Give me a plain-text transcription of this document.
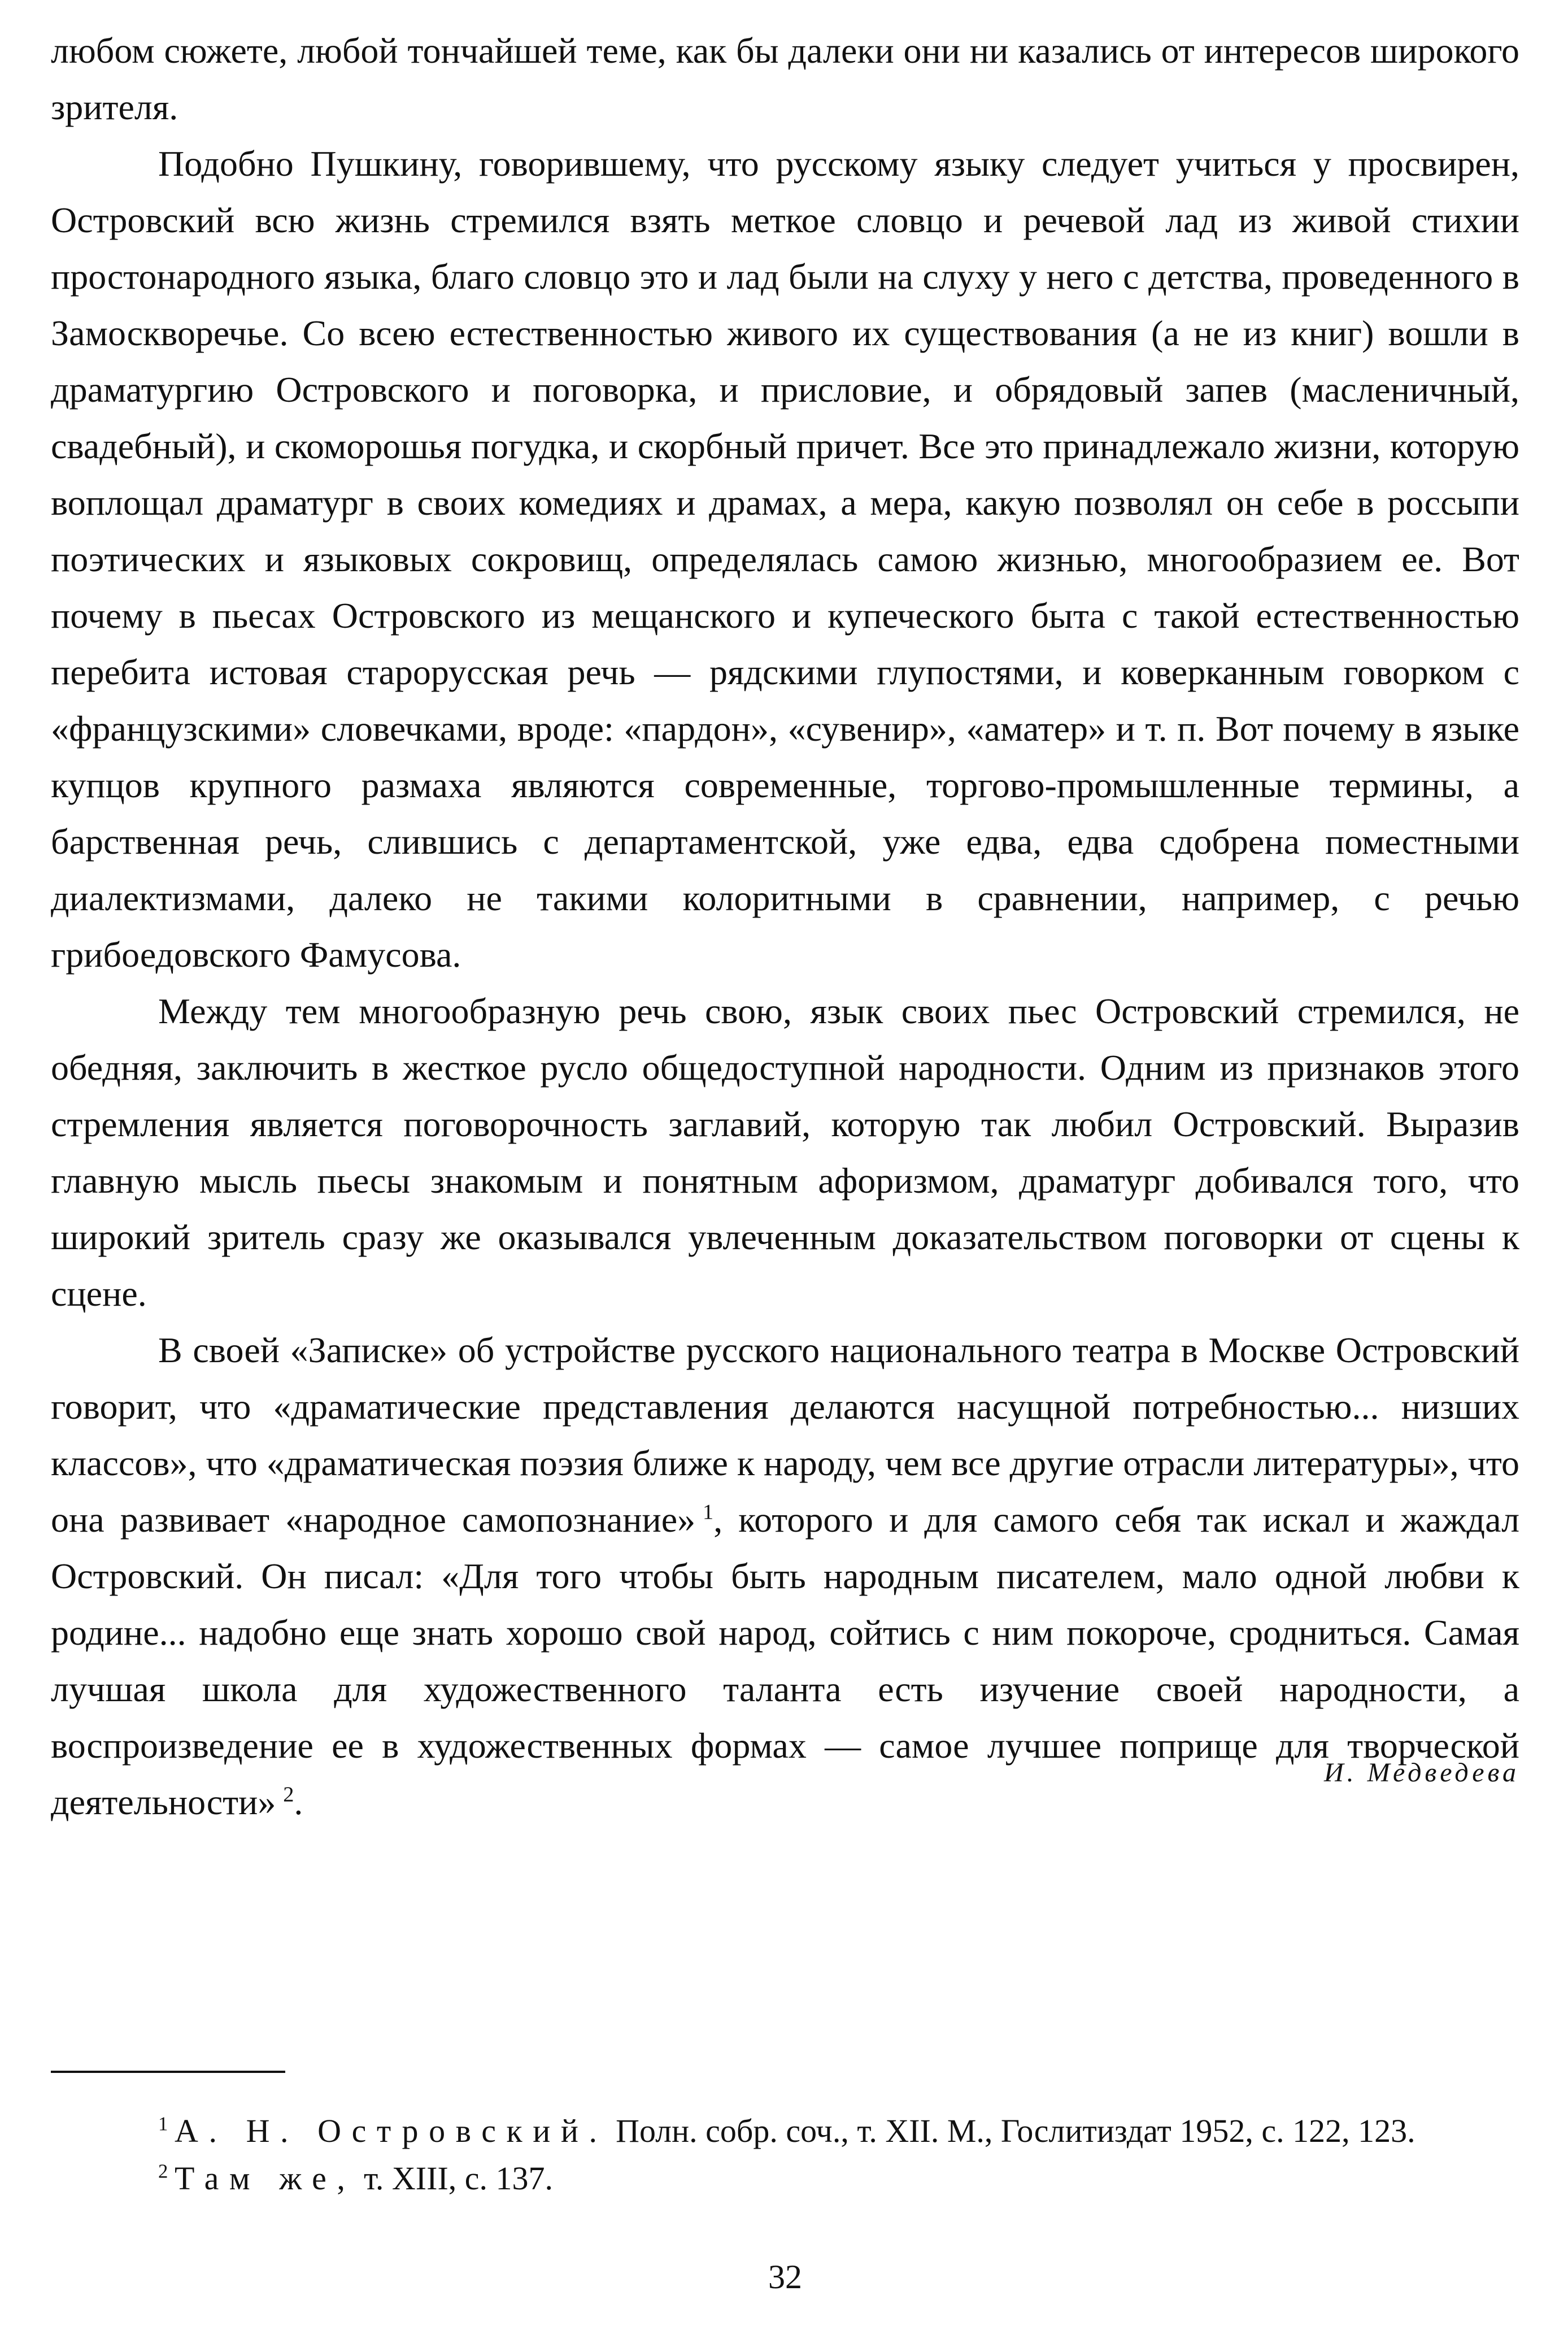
любом сюжете, любой тончайшей теме, как бы далеки они ни казались от интересов широкого зрителя.

Подобно Пушкину, говорившему, что русскому языку следует учиться у просвирен, Островский всю жизнь стремился взять меткое словцо и речевой лад из живой стихии простонародного языка, благо словцо это и лад были на слуху у него с детства, проведенного в Замоскворечье. Со всею естественностью живого их существования (а не из книг) вошли в драматургию Островского и поговорка, и присловие, и обрядовый запев (масленичный, свадебный), и скоморошья погудка, и скорбный причет. Все это принадлежало жизни, которую воплощал драматург в своих комедиях и драмах, а мера, какую позволял он себе в россыпи поэтических и языковых сокровищ, определялась самою жизнью, многообразием ее. Вот почему в пьесах Островского из мещанского и купеческого быта с такой естественностью перебита истовая старорусская речь — рядскими глупостями, и коверканным говорком с «французскими» словечками, вроде: «пардон», «сувенир», «аматер» и т. п. Вот почему в языке купцов крупного размаха являются современные, торгово-промышленные термины, а барственная речь, слившись с департаментской, уже едва, едва сдобрена поместными диалектизмами, далеко не такими колоритными в сравнении, например, с речью грибоедовского Фамусова.

Между тем многообразную речь свою, язык своих пьес Островский стремился, не обедняя, заключить в жесткое русло общедоступной народности. Одним из признаков этого стремления является поговорочность заглавий, которую так любил Островский. Выразив главную мысль пьесы знакомым и понятным афоризмом, драматург добивался того, что широкий зритель сразу же оказывался увлеченным доказательством поговорки от сцены к сцене.

В своей «Записке» об устройстве русского национального театра в Москве Островский говорит, что «драматические представления делаются насущной потребностью... низших классов», что «драматическая поэзия ближе к народу, чем все другие отрасли литературы», что она развивает «народное самопознание»  $^1$, которого и для самого себя так искал и жаждал Островский. Он писал: «Для того чтобы быть народным писателем, мало одной любви к родине... надобно еще знать хорошо свой народ, сойтись с ним покороче, сродниться. Самая лучшая школа для художественного таланта есть изучение своей народности, а воспроизведение ее в художественных формах — самое лучшее поприще для творческой деятельности»  $^2$.

И. Медведева

$^1$  А. Н. Островский. Полн. собр. соч., т. XII. М., Гослитиздат 1952, с. 122, 123.

$^2$  Там же, т. XIII, с. 137.

32
